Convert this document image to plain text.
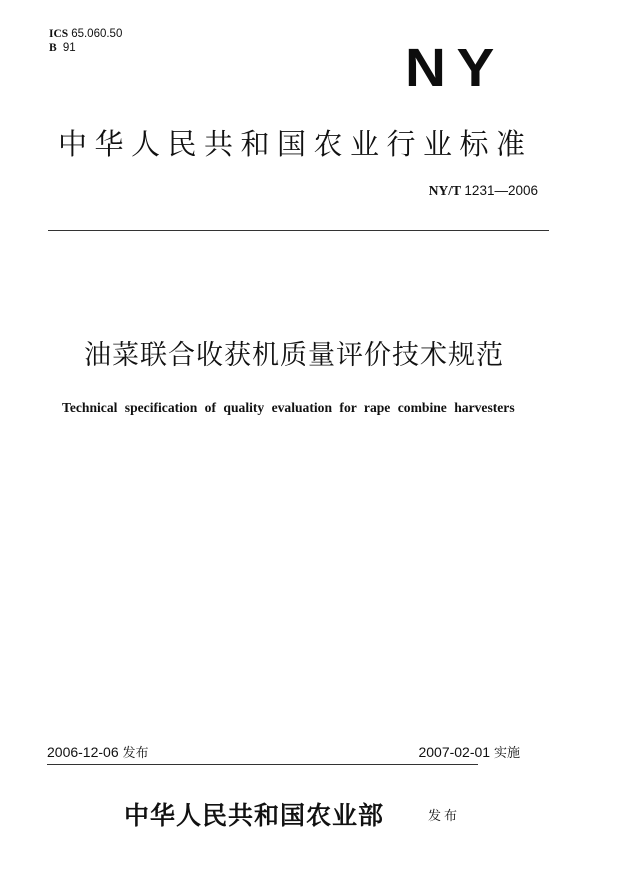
ICS 65.060.50
B 91	NY
中华人民共和国农业行业标准
NY/T 1231—2006
油菜联合收获机质量评价技术规范
Technical specification of quality evaluation for rape combine harvesters
2006-12-06 发布	2007-02-01 实施
中华人民共和国农业部	发布
